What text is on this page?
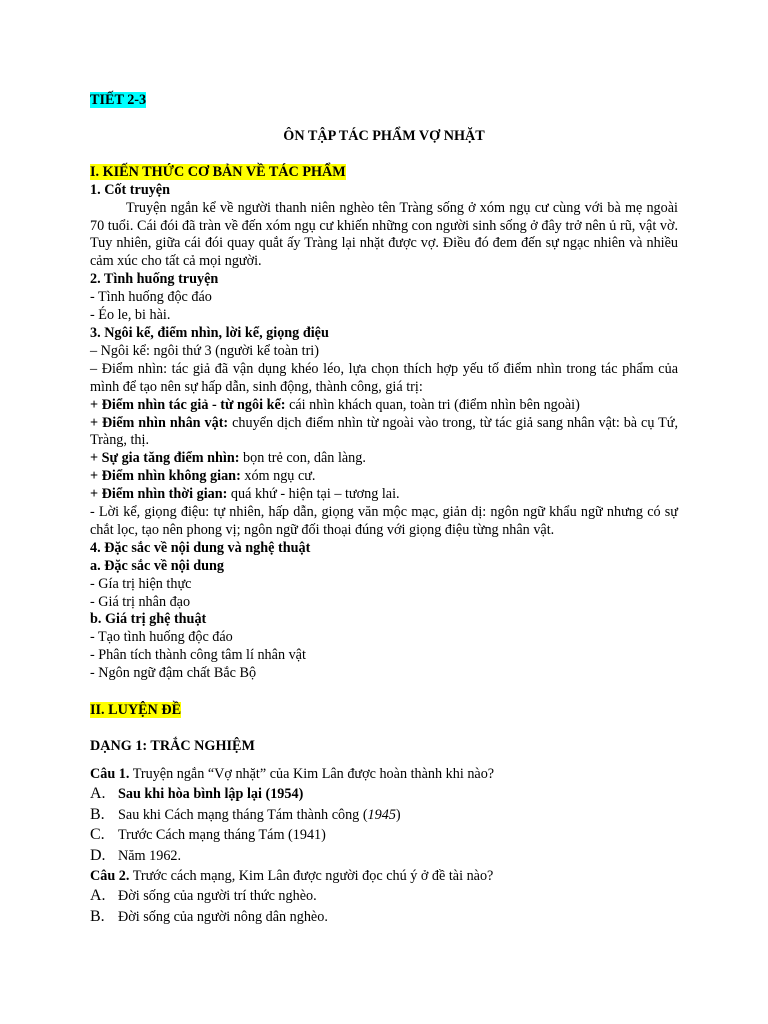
TIẾT 2-3

ÔN TẬP TÁC PHẨM VỢ NHẶT

I. KIẾN THỨC CƠ BẢN VỀ TÁC PHẨM

1. Cốt truyện

Truyện ngắn kể về người thanh niên nghèo tên Tràng sống ở xóm ngụ cư cùng với bà mẹ ngoài 70 tuổi. Cái đói đã tràn về đến xóm ngụ cư khiến những con người sinh sống ở đây trở nên ủ rũ, vật vờ. Tuy nhiên, giữa cái đói quay quắt ấy Tràng lại nhặt được vợ. Điều đó đem đến sự ngạc nhiên và nhiều cảm xúc cho tất cả mọi người.

2. Tình huống truyện

- Tình huống độc đáo

- Éo le, bi hài.

3. Ngôi kể, điểm nhìn, lời kể, giọng điệu

– Ngôi kể: ngôi thứ 3 (người kể toàn tri)

– Điểm nhìn: tác giả đã vận dụng khéo léo, lựa chọn thích hợp yếu tố điểm nhìn trong tác phẩm của mình để tạo nên sự hấp dẫn, sinh động, thành công, giá trị:

+ Điểm nhìn tác giả - từ ngôi kể: cái nhìn khách quan, toàn tri (điểm nhìn bên ngoài)

+ Điểm nhìn nhân vật: chuyển dịch điểm nhìn từ ngoài vào trong, từ tác giả sang nhân vật: bà cụ Tứ, Tràng, thị.

+ Sự gia tăng điểm nhìn: bọn trẻ con, dân làng.

+ Điểm nhìn không gian: xóm ngụ cư.

+ Điểm nhìn thời gian: quá khứ - hiện tại – tương lai.

- Lời kể, giọng điệu: tự nhiên, hấp dẫn, giọng văn mộc mạc, giản dị: ngôn ngữ khẩu ngữ nhưng có sự chắt lọc, tạo nên phong vị; ngôn ngữ đối thoại đúng với giọng điệu từng nhân vật.

4. Đặc sắc về nội dung và nghệ thuật

a. Đặc sắc về nội dung

- Gía trị hiện thực

- Giá trị nhân đạo

b. Giá trị ghệ thuật

- Tạo tình huống độc đáo

- Phân tích thành công tâm lí nhân vật

- Ngôn ngữ đậm chất Bắc Bộ

II. LUYỆN ĐỀ

DẠNG 1: TRẮC NGHIỆM

Câu 1. Truyện ngắn “Vợ nhặt” của Kim Lân được hoàn thành khi nào?

A. Sau khi hòa bình lập lại (1954)

B. Sau khi Cách mạng tháng Tám thành công (1945)

C. Trước Cách mạng tháng Tám (1941)

D. Năm 1962.

Câu 2. Trước cách mạng, Kim Lân được người đọc chú ý ở đề tài nào?

A. Đời sống của người trí thức nghèo.

B. Đời sống của người nông dân nghèo.
